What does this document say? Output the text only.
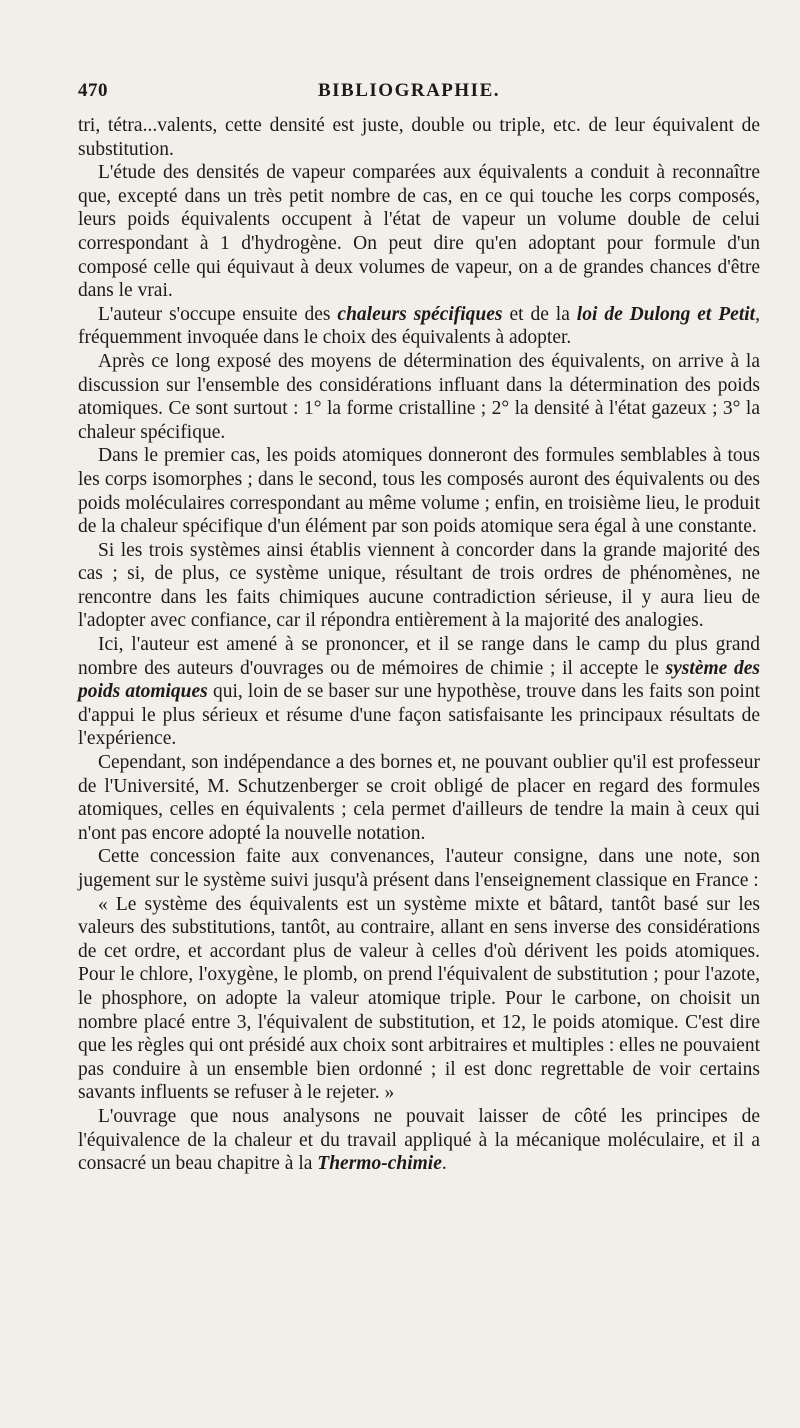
470	BIBLIOGRAPHIE.

tri, tétra...valents, cette densité est juste, double ou triple, etc. de leur équivalent de substitution.

L'étude des densités de vapeur comparées aux équivalents a conduit à reconnaître que, excepté dans un très petit nombre de cas, en ce qui touche les corps composés, leurs poids équivalents occupent à l'état de vapeur un volume double de celui correspondant à 1 d'hydrogène. On peut dire qu'en adoptant pour formule d'un composé celle qui équivaut à deux volumes de vapeur, on a de grandes chances d'être dans le vrai.

L'auteur s'occupe ensuite des chaleurs spécifiques et de la loi de Dulong et Petit, fréquemment invoquée dans le choix des équivalents à adopter.

Après ce long exposé des moyens de détermination des équivalents, on arrive à la discussion sur l'ensemble des considérations influant dans la détermination des poids atomiques. Ce sont surtout : 1° la forme cristalline ; 2° la densité à l'état gazeux ; 3° la chaleur spécifique.

Dans le premier cas, les poids atomiques donneront des formules semblables à tous les corps isomorphes ; dans le second, tous les composés auront des équivalents ou des poids moléculaires correspondant au même volume ; enfin, en troisième lieu, le produit de la chaleur spécifique d'un élément par son poids atomique sera égal à une constante.

Si les trois systèmes ainsi établis viennent à concorder dans la grande majorité des cas ; si, de plus, ce système unique, résultant de trois ordres de phénomènes, ne rencontre dans les faits chimiques aucune contradiction sérieuse, il y aura lieu de l'adopter avec confiance, car il répondra entièrement à la majorité des analogies.

Ici, l'auteur est amené à se prononcer, et il se range dans le camp du plus grand nombre des auteurs d'ouvrages ou de mémoires de chimie ; il accepte le système des poids atomiques qui, loin de se baser sur une hypothèse, trouve dans les faits son point d'appui le plus sérieux et résume d'une façon satisfaisante les principaux résultats de l'expérience.

Cependant, son indépendance a des bornes et, ne pouvant oublier qu'il est professeur de l'Université, M. Schutzenberger se croit obligé de placer en regard des formules atomiques, celles en équivalents ; cela permet d'ailleurs de tendre la main à ceux qui n'ont pas encore adopté la nouvelle notation.

Cette concession faite aux convenances, l'auteur consigne, dans une note, son jugement sur le système suivi jusqu'à présent dans l'enseignement classique en France :

« Le système des équivalents est un système mixte et bâtard, tantôt basé sur les valeurs des substitutions, tantôt, au contraire, allant en sens inverse des considérations de cet ordre, et accordant plus de valeur à celles d'où dérivent les poids atomiques. Pour le chlore, l'oxygène, le plomb, on prend l'équivalent de substitution ; pour l'azote, le phosphore, on adopte la valeur atomique triple. Pour le carbone, on choisit un nombre placé entre 3, l'équivalent de substitution, et 12, le poids atomique. C'est dire que les règles qui ont présidé aux choix sont arbitraires et multiples : elles ne pouvaient pas conduire à un ensemble bien ordonné ; il est donc regrettable de voir certains savants influents se refuser à le rejeter. »

L'ouvrage que nous analysons ne pouvait laisser de côté les principes de l'équivalence de la chaleur et du travail appliqué à la mécanique moléculaire, et il a consacré un beau chapitre à la Thermo-chimie.
